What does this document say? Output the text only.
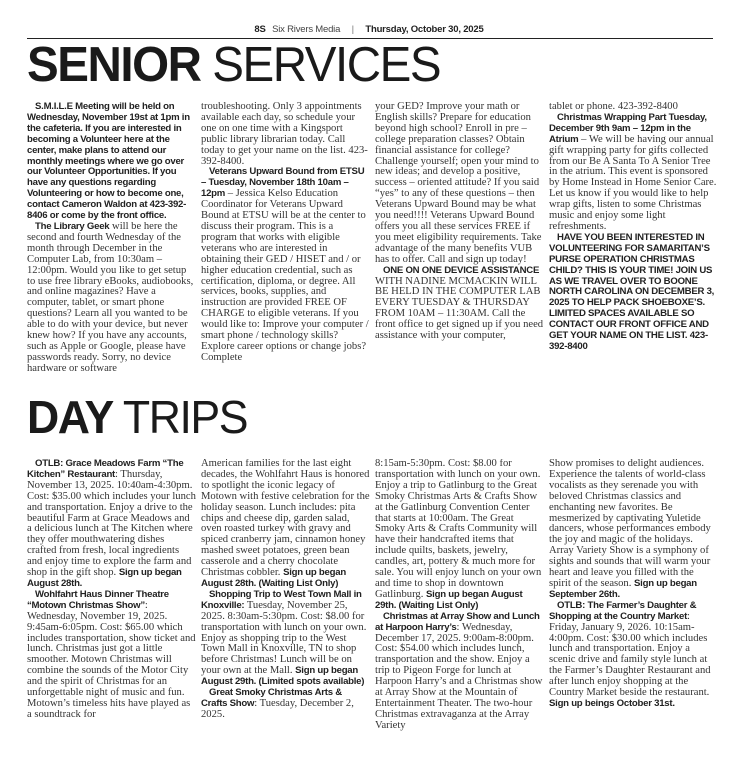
8S Six Rivers Media | Thursday, October 30, 2025
SENIOR SERVICES

S.M.I.L.E Meeting will be held on Wednesday, November 19st at 1pm in the cafeteria. If you are interested in becoming a Volunteer here at the center, make plans to attend our monthly meetings where we go over our Volunteer Opportunities. If you have any questions regarding Volunteering or how to become one, contact Cameron Waldon at 423-392-8406 or come by the front office.

The Library Geek will be here the second and fourth Wednesday of the month through December in the Computer Lab, from 10:30am – 12:00pm. Would you like to get setup to use free library eBooks, audiobooks, and online magazines? Have a computer, tablet, or smart phone questions? Learn all you wanted to be able to do with your device, but never knew how? If you have any accounts, such as Apple or Google, please have passwords ready. Sorry, no device hardware or software

troubleshooting. Only 3 appointments available each day, so schedule your one on one time with a Kingsport public library librarian today. Call today to get your name on the list. 423-392-8400.

Veterans Upward Bound from ETSU – Tuesday, November 18th 10am – 12pm – Jessica Kelso Education Coordinator for Veterans Upward Bound at ETSU will be at the center to discuss their program. This is a program that works with eligible veterans who are interested in obtaining their GED / HISET and / or higher education credential, such as certification, diploma, or degree. All services, books, supplies, and instruction are provided FREE OF CHARGE to eligible veterans. If you would like to: Improve your computer / smart phone / technology skills? Explore career options or change jobs? Complete

your GED? Improve your math or English skills? Prepare for education beyond high school? Enroll in pre – college preparation classes? Obtain financial assistance for college? Challenge yourself; open your mind to new ideas; and develop a positive, success – oriented attitude? If you said “yes” to any of these questions – then Veterans Upward Bound may be what you need!!!! Veterans Upward Bound offers you all these services FREE if you meet eligibility requirements. Take advantage of the many benefits VUB has to offer. Call and sign up today!

ONE ON ONE DEVICE ASSISTANCE WITH NADINE MCMACKIN WILL BE HELD IN THE COMPUTER LAB EVERY TUESDAY & THURSDAY FROM 10AM – 11:30AM. Call the front office to get signed up if you need assistance with your computer,

tablet or phone. 423-392-8400

Christmas Wrapping Part Tuesday, December 9th 9am – 12pm in the Atrium – We will be having our annual gift wrapping party for gifts collected from our Be A Santa To A Senior Tree in the atrium. This event is sponsored by Home Instead in Home Senior Care. Let us know if you would like to help wrap gifts, listen to some Christmas music and enjoy some light refreshments.

HAVE YOU BEEN INTERESTED IN VOLUNTEERING FOR SAMARITAN’S PURSE OPERATION CHRISTMAS CHILD? THIS IS YOUR TIME! JOIN US AS WE TRAVEL OVER TO BOONE NORTH CAROLINA ON DECEMBER 3, 2025 TO HELP PACK SHOEBOXE’S. LIMITED SPACES AVAILABLE SO CONTACT OUR FRONT OFFICE AND GET YOUR NAME ON THE LIST. 423-392-8400

DAY TRIPS

OTLB: Grace Meadows Farm “The Kitchen” Restaurant: Thursday, November 13, 2025. 10:40am-4:30pm. Cost: $35.00 which includes your lunch and transportation. Enjoy a drive to the beautiful Farm at Grace Meadows and a delicious lunch at The Kitchen where they offer mouthwatering dishes crafted from fresh, local ingredients and enjoy time to explore the farm and shop in the gift shop. Sign up began August 28th.

Wohlfahrt Haus Dinner Theatre “Motown Christmas Show”: Wednesday, November 19, 2025. 9:45am-6:05pm. Cost: $65.00 which includes transportation, show ticket and lunch. Christmas just got a little smoother. Motown Christmas will combine the sounds of the Motor City and the spirit of Christmas for an unforgettable night of music and fun. Motown’s timeless hits have played as a soundtrack for

American families for the last eight decades, the Wohlfahrt Haus is honored to spotlight the iconic legacy of Motown with festive celebration for the holiday season. Lunch includes: pita chips and cheese dip, garden salad, oven roasted turkey with gravy and spiced cranberry jam, cinnamon honey mashed sweet potatoes, green bean casserole and a cherry chocolate Christmas cobbler. Sign up began August 28th. (Waiting List Only)

Shopping Trip to West Town Mall in Knoxville: Tuesday, November 25, 2025. 8:30am-5:30pm. Cost: $8.00 for transportation with lunch on your own. Enjoy as shopping trip to the West Town Mall in Knoxville, TN to shop before Christmas! Lunch will be on your own at the Mall. Sign up began August 29th. (Limited spots available)

Great Smoky Christmas Arts & Crafts Show: Tuesday, December 2, 2025.

8:15am-5:30pm. Cost: $8.00 for transportation with lunch on your own. Enjoy a trip to Gatlinburg to the Great Smoky Christmas Arts & Crafts Show at the Gatlinburg Convention Center that starts at 10:00am. The Great Smoky Arts & Crafts Community will have their handcrafted items that include quilts, baskets, jewelry, candles, art, pottery & much more for sale. You will enjoy lunch on your own and time to shop in downtown Gatlinburg. Sign up began August 29th. (Waiting List Only)

Christmas at Array Show and Lunch at Harpoon Harry’s: Wednesday, December 17, 2025. 9:00am-8:00pm. Cost: $54.00 which includes lunch, transportation and the show. Enjoy a trip to Pigeon Forge for lunch at Harpoon Harry’s and a Christmas show at Array Show at the Mountain of Entertainment Theater. The two-hour Christmas extravaganza at the Array Variety

Show promises to delight audiences. Experience the talents of world-class vocalists as they serenade you with beloved Christmas classics and enchanting new favorites. Be mesmerized by captivating Yuletide dancers, whose performances embody the joy and magic of the holidays. Array Variety Show is a symphony of sights and sounds that will warm your heart and leave you filled with the spirit of the season. Sign up began September 26th.

OTLB: The Farmer’s Daughter & Shopping at the Country Market: Friday, January 9, 2026. 10:15am-4:00pm. Cost: $30.00 which includes lunch and transportation. Enjoy a scenic drive and family style lunch at the Farmer’s Daughter Restaurant and after lunch enjoy shopping at the Country Market beside the restaurant. Sign up beings October 31st.
